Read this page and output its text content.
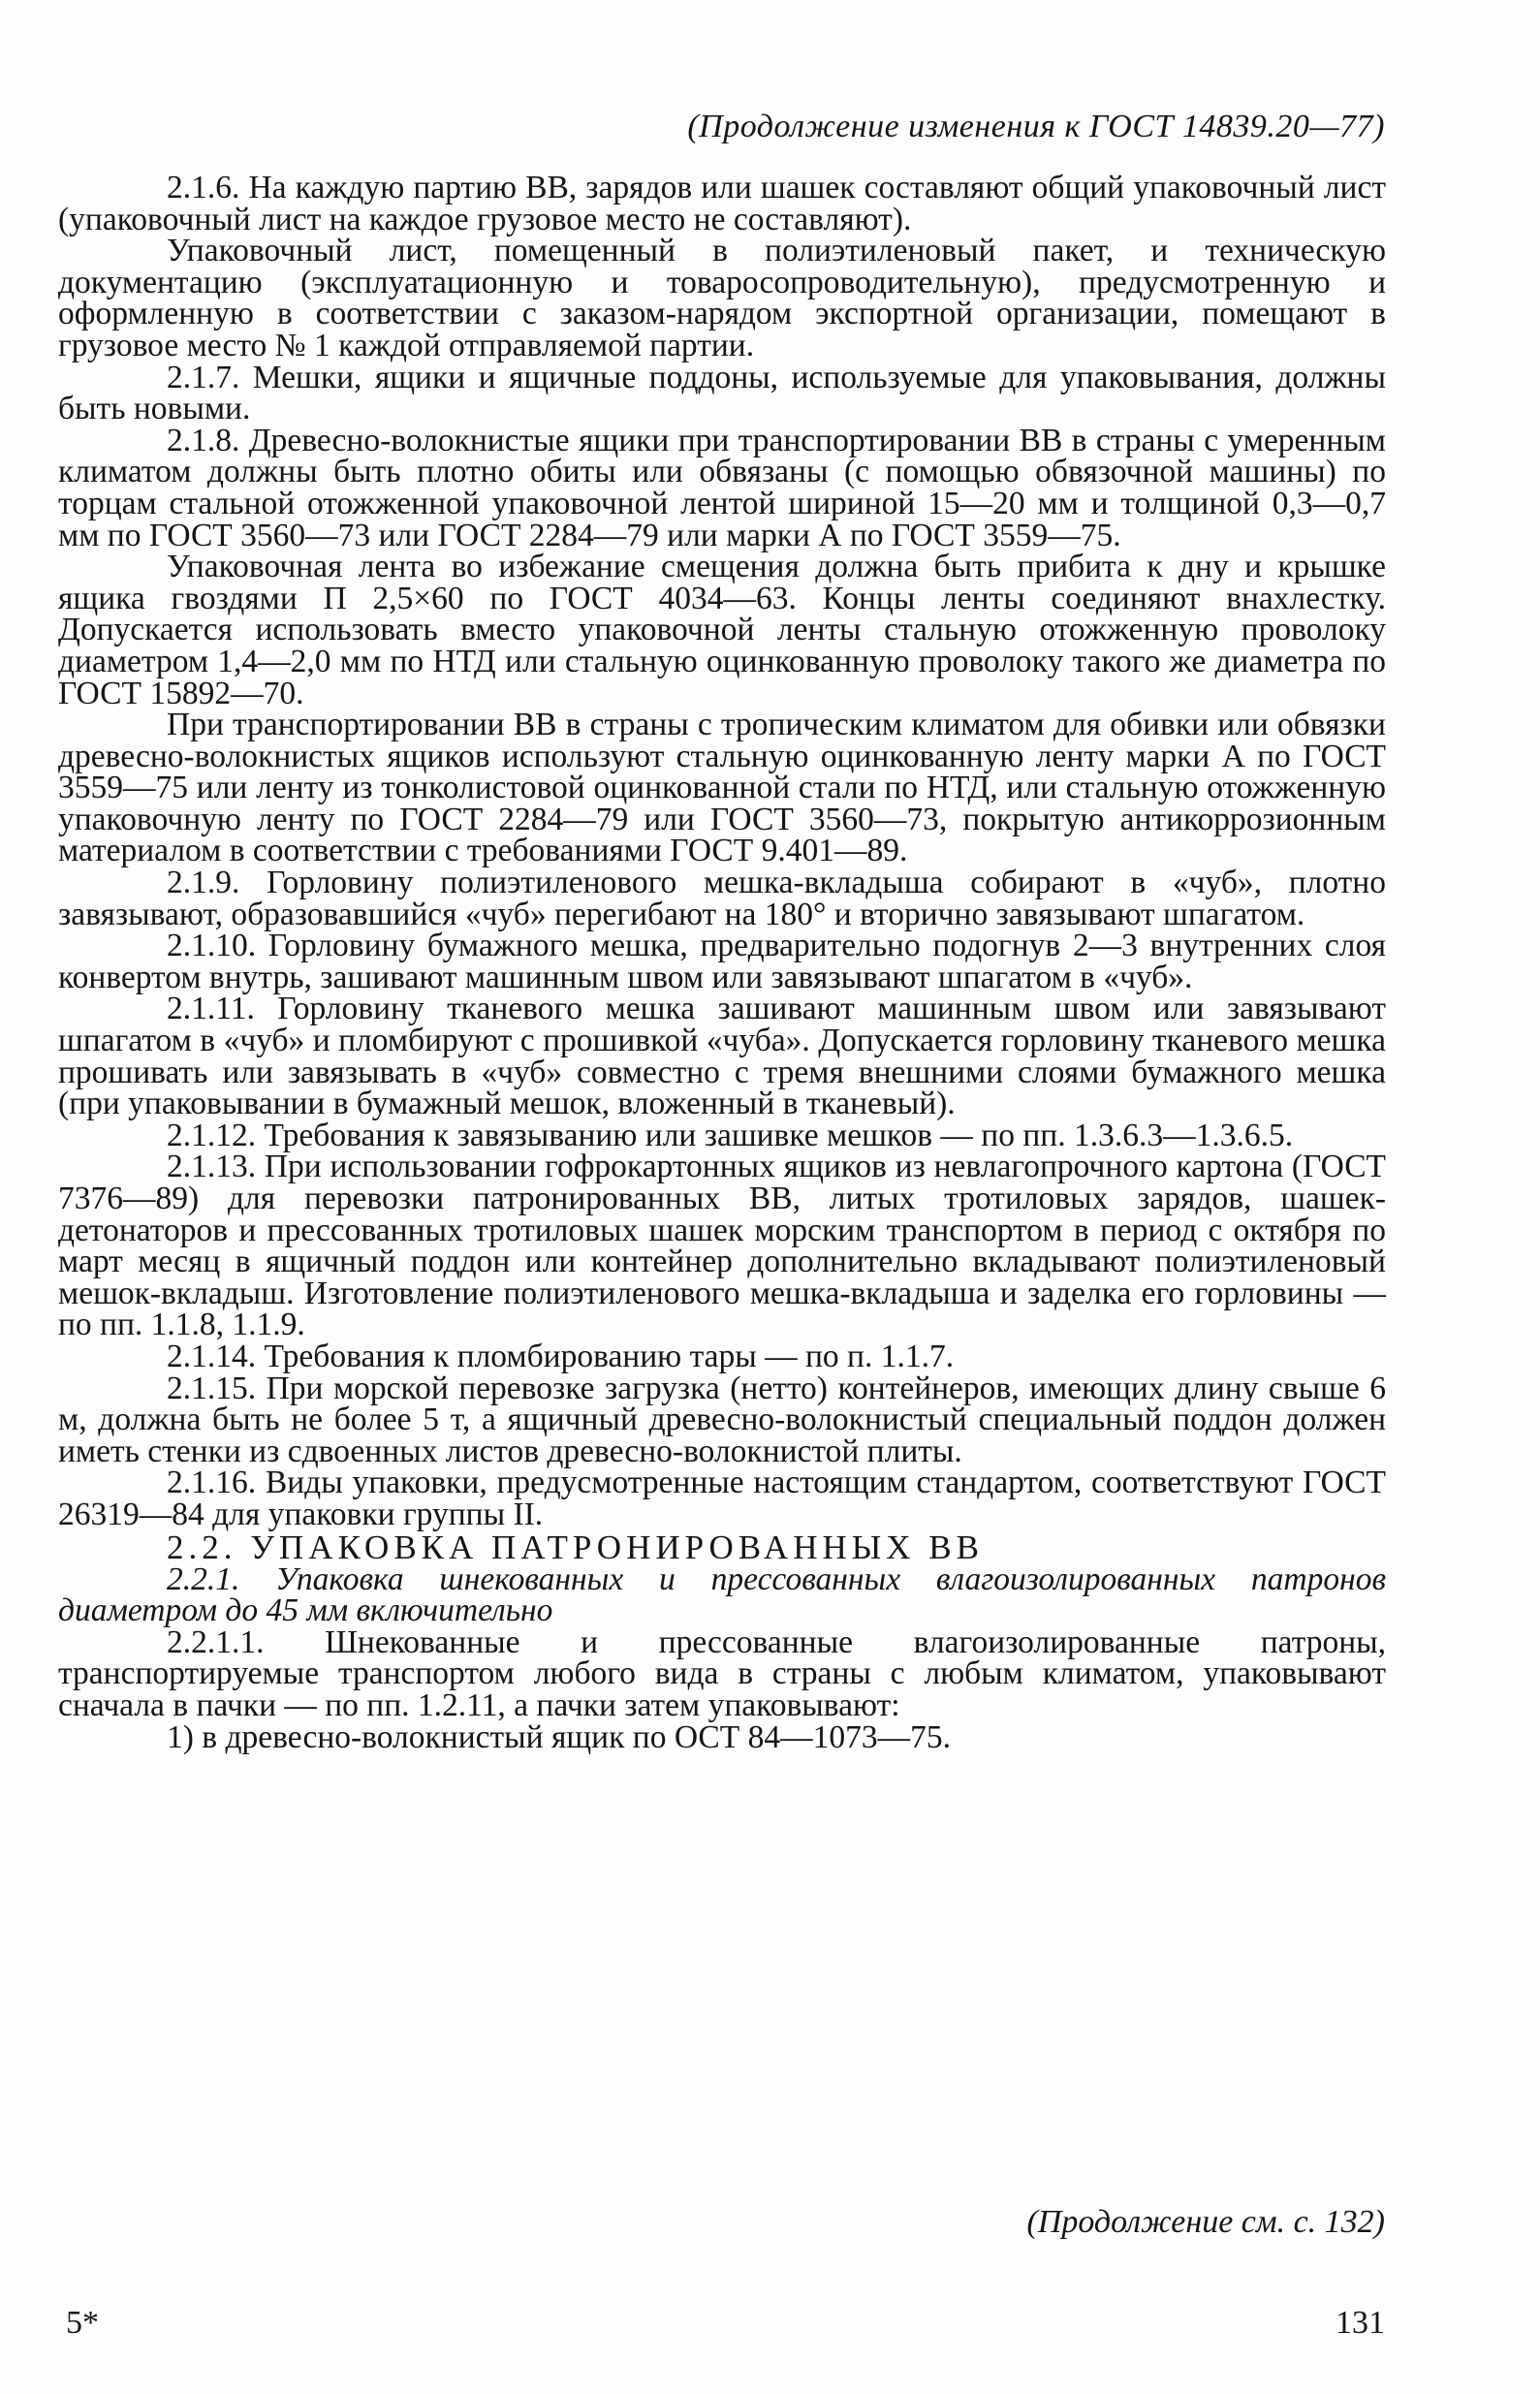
(Продолжение изменения к ГОСТ 14839.20—77)

2.1.6. На каждую партию ВВ, зарядов или шашек составляют общий упаковочный лист (упаковочный лист на каждое грузовое место не составляют).

Упаковочный лист, помещенный в полиэтиленовый пакет, и техническую документацию (эксплуатационную и товаросопроводительную), предусмотренную и оформленную в соответствии с заказом-нарядом экспортной организации, помещают в грузовое место № 1 каждой отправляемой партии.

2.1.7. Мешки, ящики и ящичные поддоны, используемые для упаковывания, должны быть новыми.

2.1.8. Древесно-волокнистые ящики при транспортировании ВВ в страны с умеренным климатом должны быть плотно обиты или обвязаны (с помощью обвязочной машины) по торцам стальной отожженной упаковочной лентой шириной 15—20 мм и толщиной 0,3—0,7 мм по ГОСТ 3560—73 или ГОСТ 2284—79 или марки А по ГОСТ 3559—75.

Упаковочная лента во избежание смещения должна быть прибита к дну и крышке ящика гвоздями П 2,5×60 по ГОСТ 4034—63. Концы ленты соединяют внахлестку. Допускается использовать вместо упаковочной ленты стальную отожженную проволоку диаметром 1,4—2,0 мм по НТД или стальную оцинкованную проволоку такого же диаметра по ГОСТ 15892—70.

При транспортировании ВВ в страны с тропическим климатом для обивки или обвязки древесно-волокнистых ящиков используют стальную оцинкованную ленту марки А по ГОСТ 3559—75 или ленту из тонколистовой оцинкованной стали по НТД, или стальную отожженную упаковочную ленту по ГОСТ 2284—79 или ГОСТ 3560—73, покрытую антикоррозионным материалом в соответствии с требованиями ГОСТ 9.401—89.

2.1.9. Горловину полиэтиленового мешка-вкладыша собирают в «чуб», плотно завязывают, образовавшийся «чуб» перегибают на 180° и вторично завязывают шпагатом.

2.1.10. Горловину бумажного мешка, предварительно подогнув 2—3 внутренних слоя конвертом внутрь, зашивают машинным швом или завязывают шпагатом в «чуб».

2.1.11. Горловину тканевого мешка зашивают машинным швом или завязывают шпагатом в «чуб» и пломбируют с прошивкой «чуба». Допускается горловину тканевого мешка прошивать или завязывать в «чуб» совместно с тремя внешними слоями бумажного мешка (при упаковывании в бумажный мешок, вложенный в тканевый).

2.1.12. Требования к завязыванию или зашивке мешков — по пп. 1.3.6.3—1.3.6.5.

2.1.13. При использовании гофрокартонных ящиков из невлагопрочного картона (ГОСТ 7376—89) для перевозки патронированных ВВ, литых тротиловых зарядов, шашек-детонаторов и прессованных тротиловых шашек морским транспортом в период с октября по март месяц в ящичный поддон или контейнер дополнительно вкладывают полиэтиленовый мешок-вкладыш. Изготовление полиэтиленового мешка-вкладыша и заделка его горловины — по пп. 1.1.8, 1.1.9.

2.1.14. Требования к пломбированию тары — по п. 1.1.7.

2.1.15. При морской перевозке загрузка (нетто) контейнеров, имеющих длину свыше 6 м, должна быть не более 5 т, а ящичный древесно-волокнистый специальный поддон должен иметь стенки из сдвоенных листов древесно-волокнистой плиты.

2.1.16. Виды упаковки, предусмотренные настоящим стандартом, соответствуют ГОСТ 26319—84 для упаковки группы II.

2.2. УПАКОВКА ПАТРОНИРОВАННЫХ ВВ

2.2.1. Упаковка шнекованных и прессованных влагоизолированных патронов диаметром до 45 мм включительно

2.2.1.1. Шнекованные и прессованные влагоизолированные патроны, транспортируемые транспортом любого вида в страны с любым климатом, упаковывают сначала в пачки — по пп. 1.2.11, а пачки затем упаковывают:

1) в древесно-волокнистый ящик по ОСТ 84—1073—75.

(Продолжение см. с. 132)
5*	131
